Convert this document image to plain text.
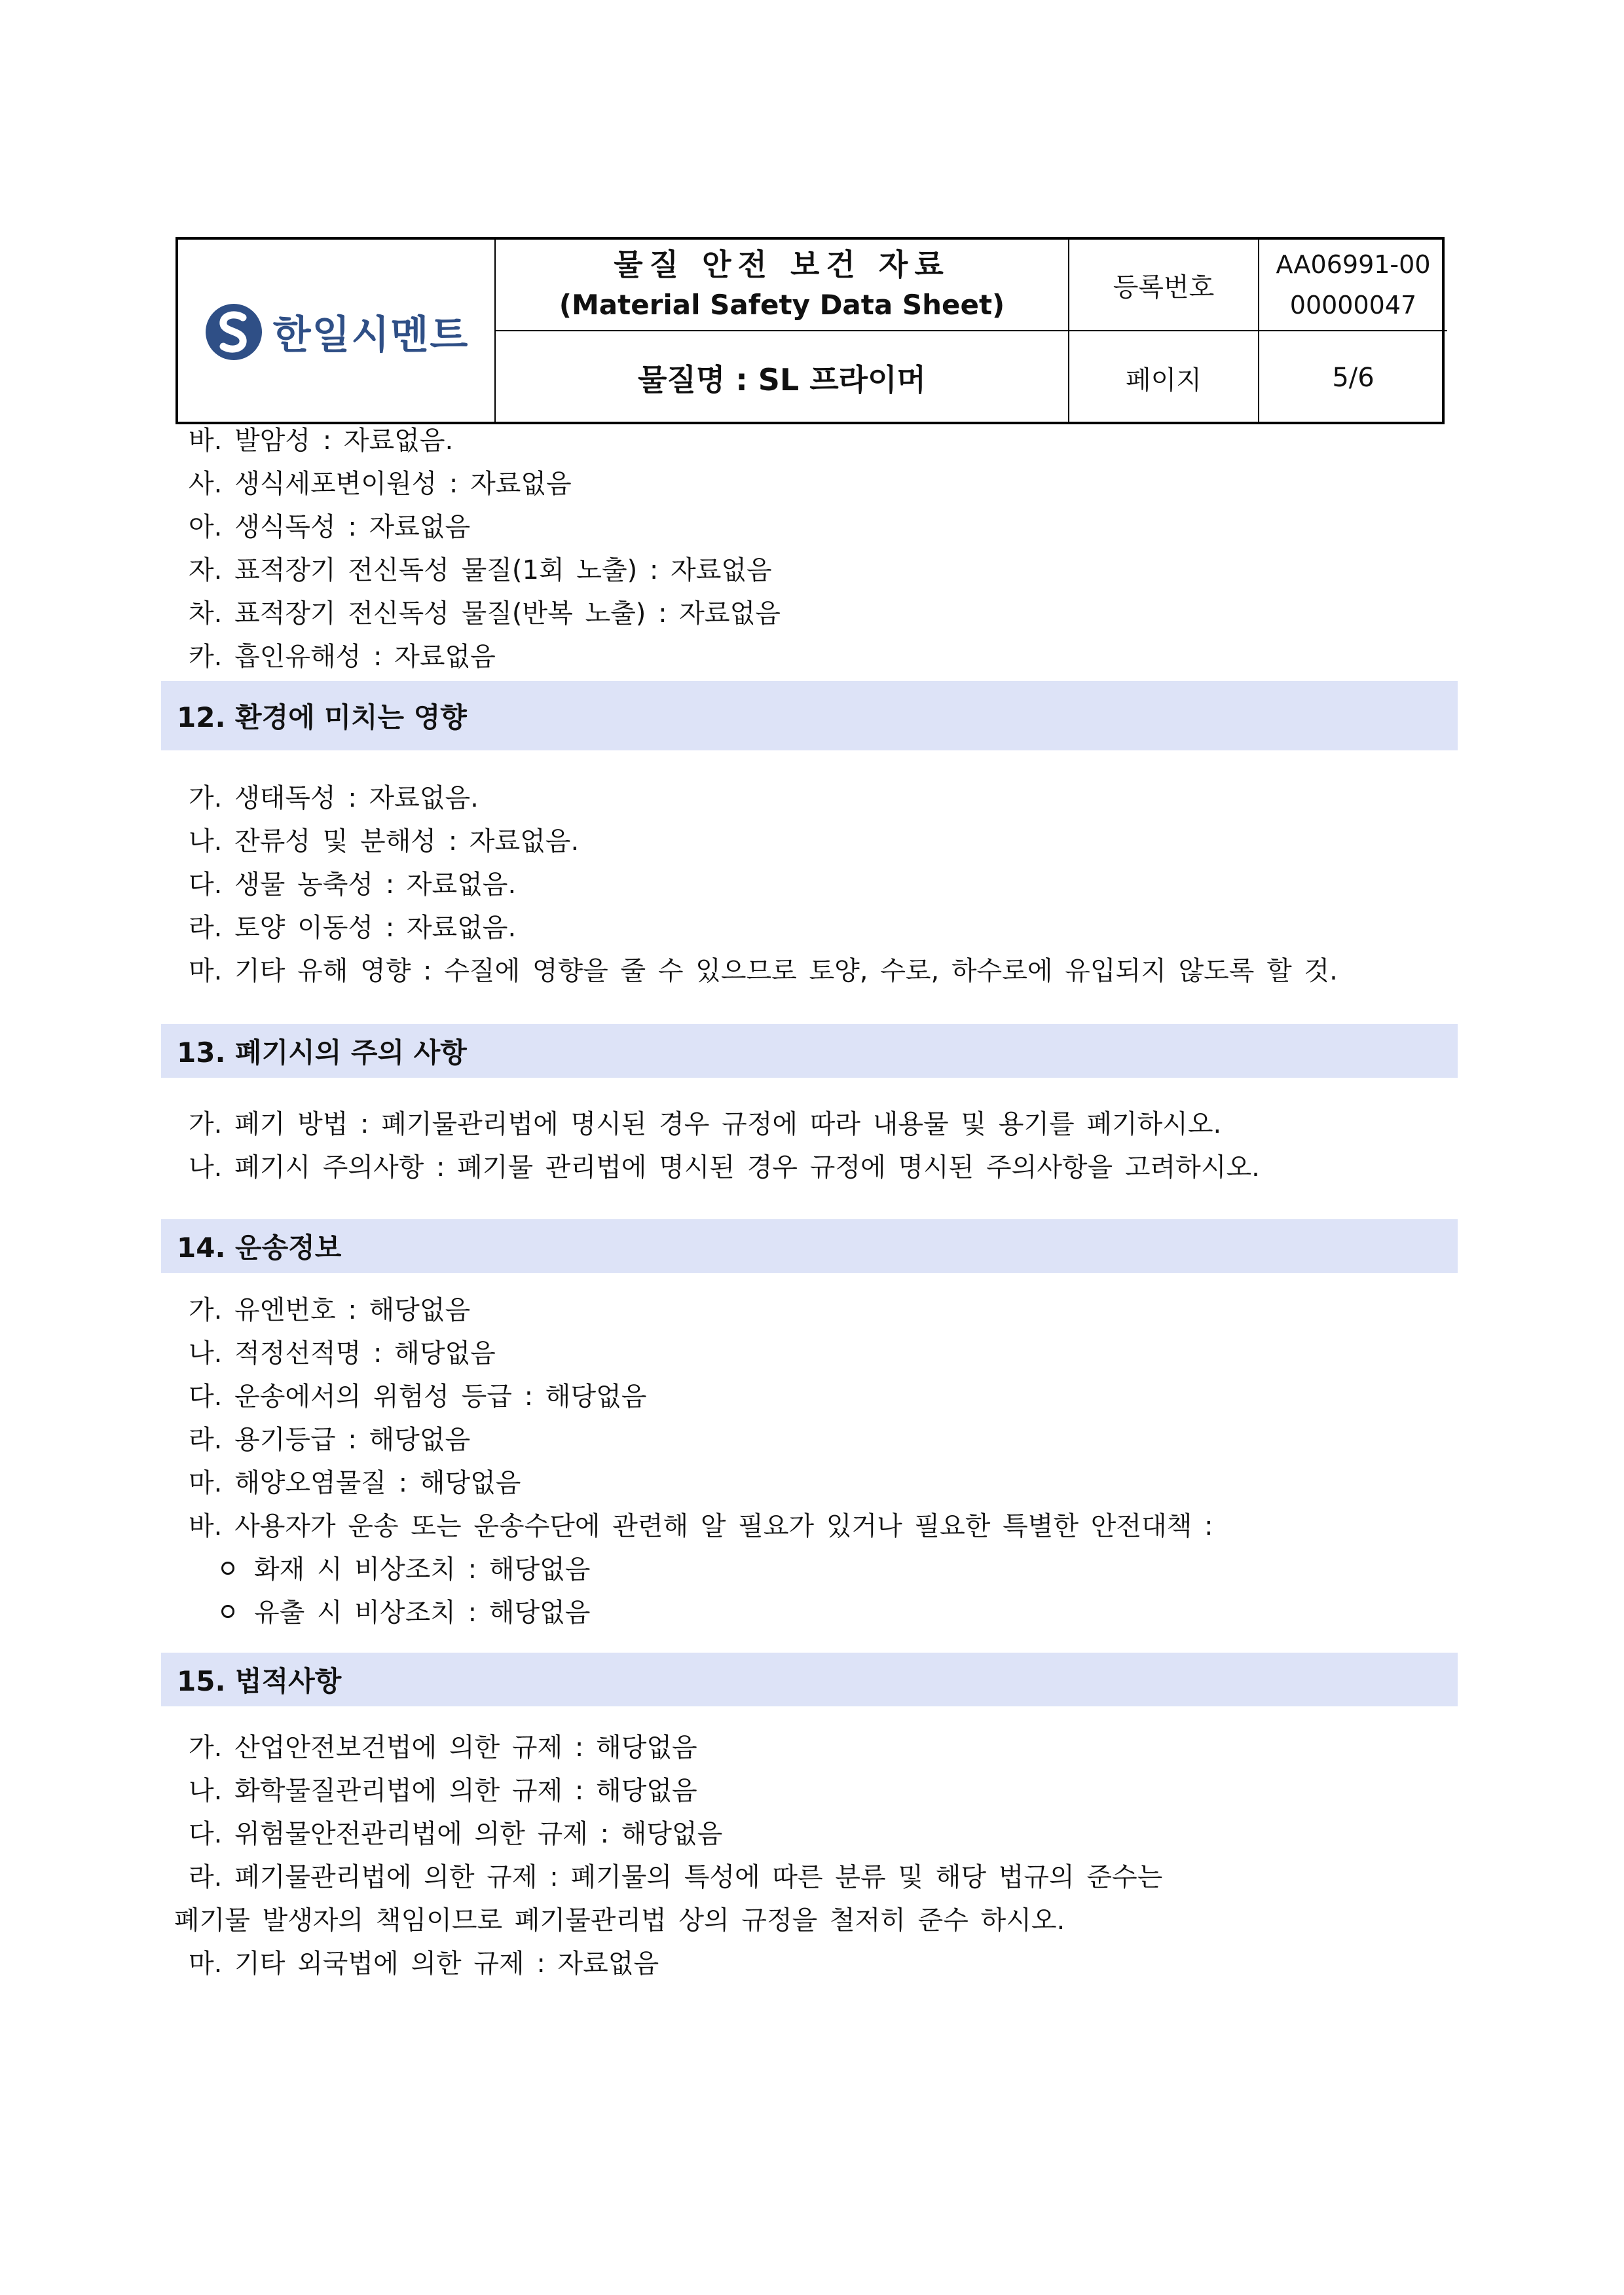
한일시멘트
물질 안전 보건 자료
(Material Safety Data Sheet)
등록번호
AA06991-00
00000047
물질명 : SL 프라이머	페이지	5/6
바. 발암성 : 자료없음.
사. 생식세포변이원성 : 자료없음
아. 생식독성 : 자료없음
자. 표적장기 전신독성 물질(1회 노출) : 자료없음
차. 표적장기 전신독성 물질(반복 노출) : 자료없음
카. 흡인유해성 : 자료없음
12. 환경에 미치는 영향
가. 생태독성 : 자료없음.
나. 잔류성 및 분해성 : 자료없음.
다. 생물 농축성 : 자료없음.
라. 토양 이동성 : 자료없음.
마. 기타 유해 영향 : 수질에 영향을 줄 수 있으므로 토양, 수로, 하수로에 유입되지 않도록 할 것.
13. 폐기시의 주의 사항
가. 폐기 방법 : 폐기물관리법에 명시된 경우 규정에 따라 내용물 및 용기를 폐기하시오.
나. 폐기시 주의사항 : 폐기물 관리법에 명시된 경우 규정에 명시된 주의사항을 고려하시오.
14. 운송정보
가. 유엔번호 : 해당없음
나. 적정선적명 : 해당없음
다. 운송에서의 위험성 등급 : 해당없음
라. 용기등급 : 해당없음
마. 해양오염물질 : 해당없음
바. 사용자가 운송 또는 운송수단에 관련해 알 필요가 있거나 필요한 특별한 안전대책 :
화재 시 비상조치 : 해당없음
유출 시 비상조치 : 해당없음
15. 법적사항
가. 산업안전보건법에 의한 규제 : 해당없음
나. 화학물질관리법에 의한 규제 : 해당없음
다. 위험물안전관리법에 의한 규제 : 해당없음
라. 폐기물관리법에 의한 규제 : 폐기물의 특성에 따른 분류 및 해당 법규의 준수는
폐기물 발생자의 책임이므로 폐기물관리법 상의 규정을 철저히 준수 하시오.
마. 기타 외국법에 의한 규제 : 자료없음
